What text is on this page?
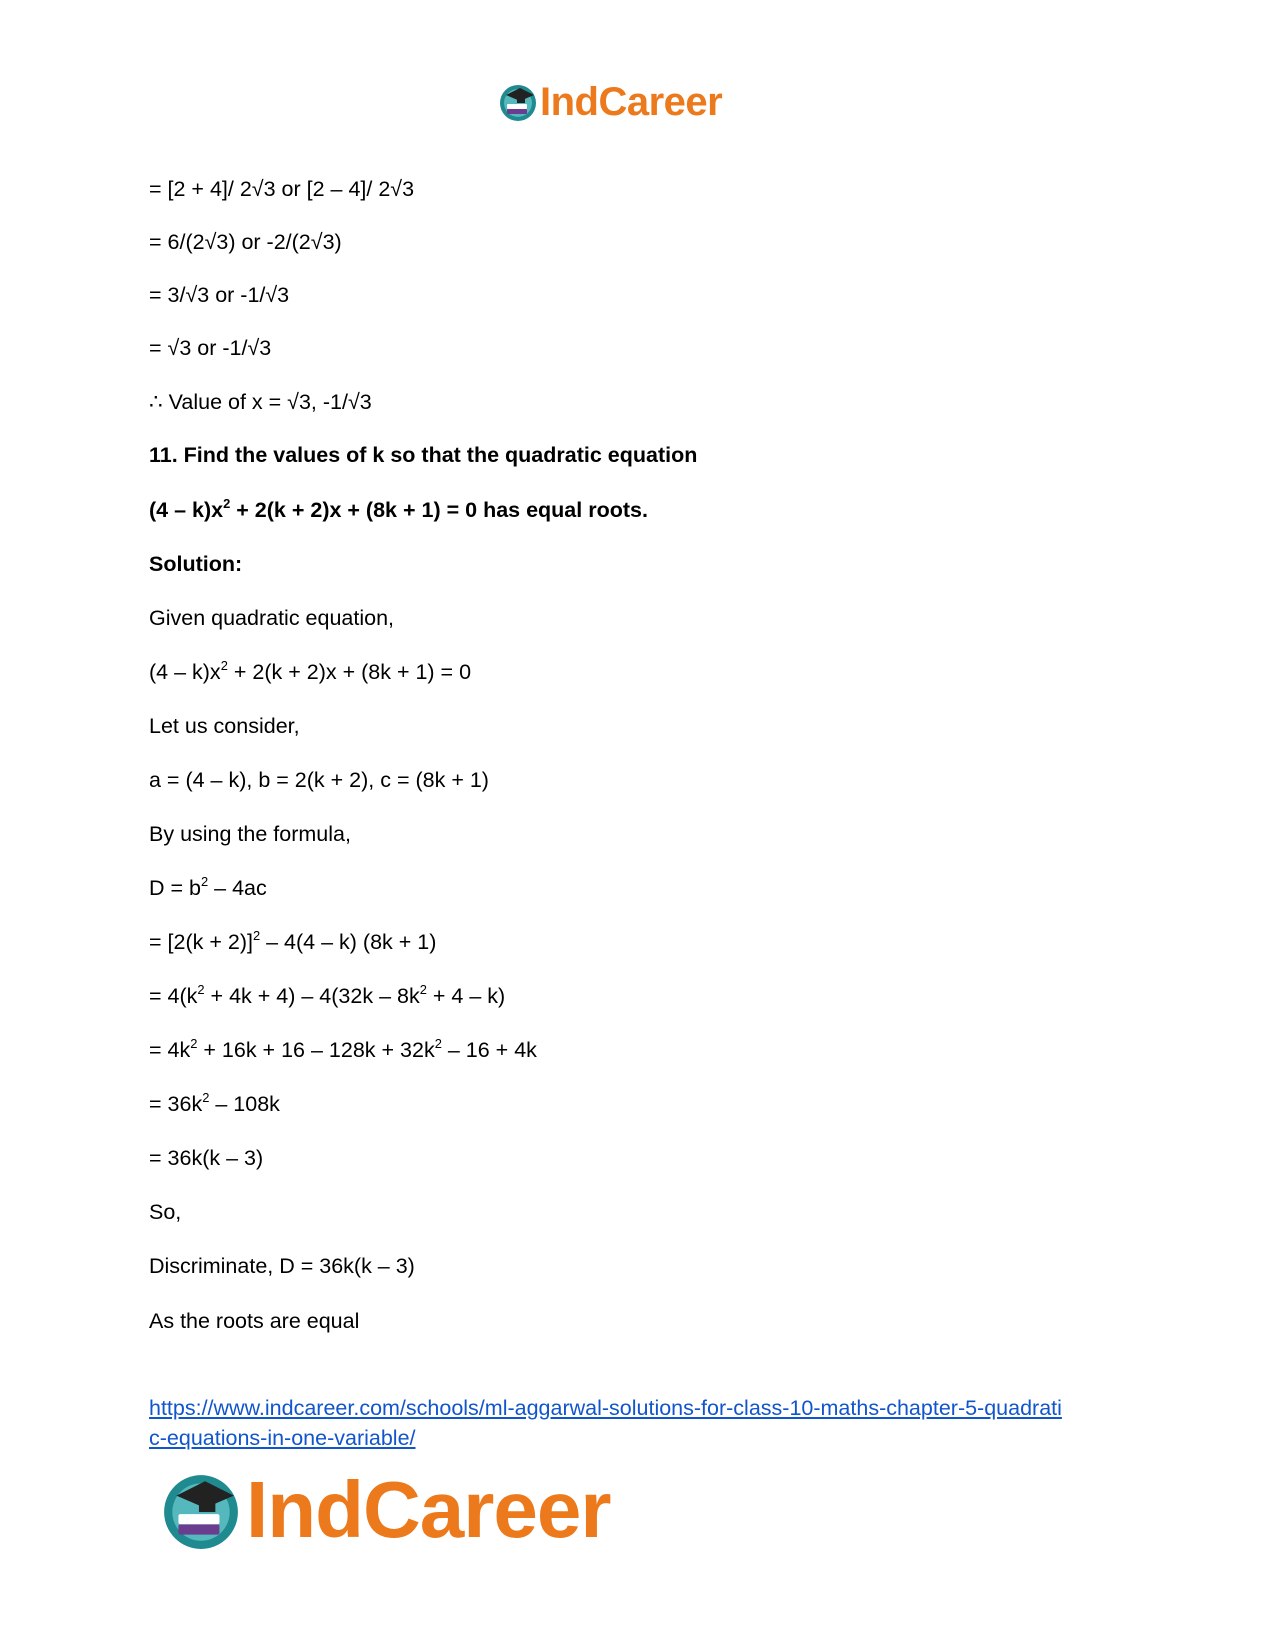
IndCareer
= [2 + 4]/ 2√3 or [2 – 4]/ 2√3
= 6/(2√3) or -2/(2√3)
= 3/√3 or -1/√3
= √3 or -1/√3
∴ Value of x = √3, -1/√3
11. Find the values of k so that the quadratic equation
$(4 - k)x^2 + 2(k + 2)x + (8k + 1) = 0$ has equal roots.
Solution:
Given quadratic equation,
$(4 - k)x^2 + 2(k + 2)x + (8k + 1) = 0$
Let us consider,
a = (4 – k), b = 2(k + 2), c = (8k + 1)
By using the formula,
$D = b^2 - 4ac$
= $[2(k + 2)]^2 - 4(4 - k)$ (8k + 1)
= $4(k^2 + 4k + 4) - 4(32k - 8k^2 + 4 - k)$
= $4k^2 + 16k + 16 - 128k + 32k^2 - 16 + 4k$
= $36k^2 - 108k$
= 36k(k – 3)
So,
Discriminate, D = 36k(k – 3)
As the roots are equal
https://www.indcareer.com/schools/ml-aggarwal-solutions-for-class-10-maths-chapter-5-quadrati
c-equations-in-one-variable/
IndCareer
